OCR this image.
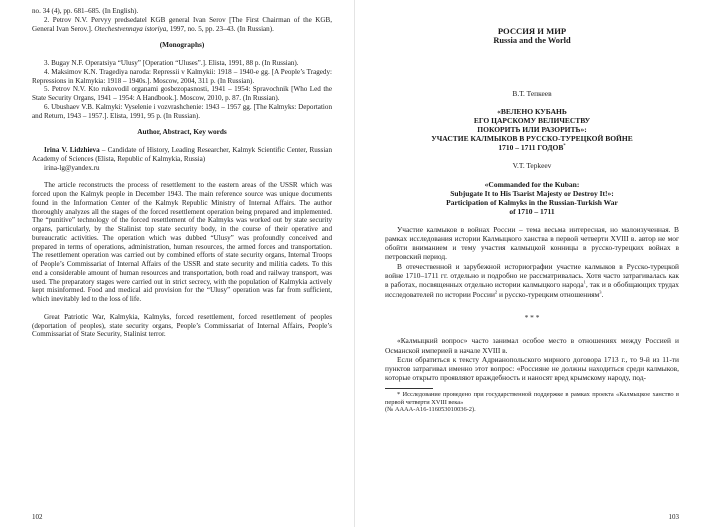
no. 34 (4), pp. 681–685. (In English).

2. Petrov N.V. Pervyy predsedatel KGB general Ivan Serov [The First Chairman of the KGB, General Ivan Serov.]. Otechestvennaya istoriya, 1997, no. 5, pp. 23–43. (In Russian).

(Monographs)

3. Bugay N.F. Operatsiya “Ulusy” [Operation “Uluses”.]. Elista, 1991, 88 p. (In Russian).

4. Maksimov K.N. Tragediya naroda: Repressii v Kalmykii: 1918 – 1940-e gg. [A People’s Tragedy: Repressions in Kalmykia: 1918 – 1940s.]. Moscow, 2004, 311 p. (In Russian).

5. Petrov N.V. Kto rukovodil organami gosbezopasnosti, 1941 – 1954: Spravochnik [Who Led the State Security Organs, 1941 – 1954: A Handbook.]. Moscow, 2010, p. 87. (In Russian).

6. Ubushaev V.B. Kalmyki: Vyselenie i vozvrashchenie: 1943 – 1957 gg. [The Kalmyks: Deportation and Return, 1943 – 1957.]. Elista, 1991, 95 p. (In Russian).

Author, Abstract, Key words

Irina V. Lidzhieva – Candidate of History, Leading Researcher, Kalmyk Scientific Center, Russian Academy of Sciences (Elista, Republic of Kalmykia, Russia)

irina-lg@yandex.ru

The article reconstructs the process of resettlement to the eastern areas of the USSR which was forced upon the Kalmyk people in December 1943. The main reference source was unique documents found in the Information Center of the Kalmyk Republic Ministry of Internal Affairs. The author thoroughly analyzes all the stages of the forced resettlement operation being prepared and implemented. The “punitive” technology of the forced resettlement of the Kalmyks was worked out by state security organs, particularly, by the Stalinist top state security body, in the course of their operative and bureaucratic activities. The operation which was dubbed “Ulusy” was profoundly conceived and prepared in terms of operations, administration, human resources, the armed forces and transportation. The resettlement operation was carried out by combined efforts of state security organs, Internal Troops of People’s Commissariat of Internal Affairs of the USSR and state security and militia cadets. To this end a considerable amount of human resources and transportation, both road and railway transport, was used. The preparatory stages were carried out in strict secrecy, with the population of Kalmykia actively kept misinformed. Food and medical aid provision for the “Ulusy” operation was far from sufficient, which inevitably led to the loss of life.

Great Patriotic War, Kalmykia, Kalmyks, forced resettlement, forced resettlement of peoples (deportation of peoples), state security organs, People’s Commissariat of Internal Affairs, People’s Commissariat of State Security, Stalinist terror.

102

РОССИЯ И МИР

Russia and the World

В.Т. Тепкеев

«ВЕЛЕНО КУБАНЬ

ЕГО ЦАРСКОМУ ВЕЛИЧЕСТВУ

ПОКОРИТЬ ИЛИ РАЗОРИТЬ»:

УЧАСТИЕ КАЛМЫКОВ В РУССКО-ТУРЕЦКОЙ ВОЙНЕ

1710 – 1711 ГОДОВ*

V.T. Tepkeev

«Commanded for the Kuban:

Subjugate It to His Tsarist Majesty or Destroy It!»:

Participation of Kalmyks in the Russian-Turkish War

of 1710 – 1711

Участие калмыков в войнах России – тема весьма интересная, но малоизученная. В рамках исследования истории Калмыцкого ханства в первой четверти XVIII в. автор не мог обойти вниманием и тему участия калмыцкой конницы в русско-турецких войнах в петровский период.

В отечественной и зарубежной историографии участие калмыков в Русско-турецкой войне 1710–1711 гг. отдельно и подробно не рассматривалась. Хотя часто затрагивалась как в работах, посвященных отдельно истории калмыцкого народа$^1$, так и в обобщающих трудах исследователей по истории России$^2$ и русско-турецким отношениям$^3$.

* * *

«Калмыцкий вопрос» часто занимал особое место в отношениях между Россией и Османской империей в начале XVIII в.

Если обратиться к тексту Адрианопольского мирного договора 1713 г., то 9-й из 11-ти пунктов затрагивал именно этот вопрос: «Россияне не должны находиться среди калмыков, которые открыто проявляют враждебность и наносят вред крымскому народу, под-

* Исследование проведено при государственной поддержке в рамках проекта «Калмыцкое ханство в первой четверти XVIII века»

(№ АААА-А16-116053010036-2).

103
